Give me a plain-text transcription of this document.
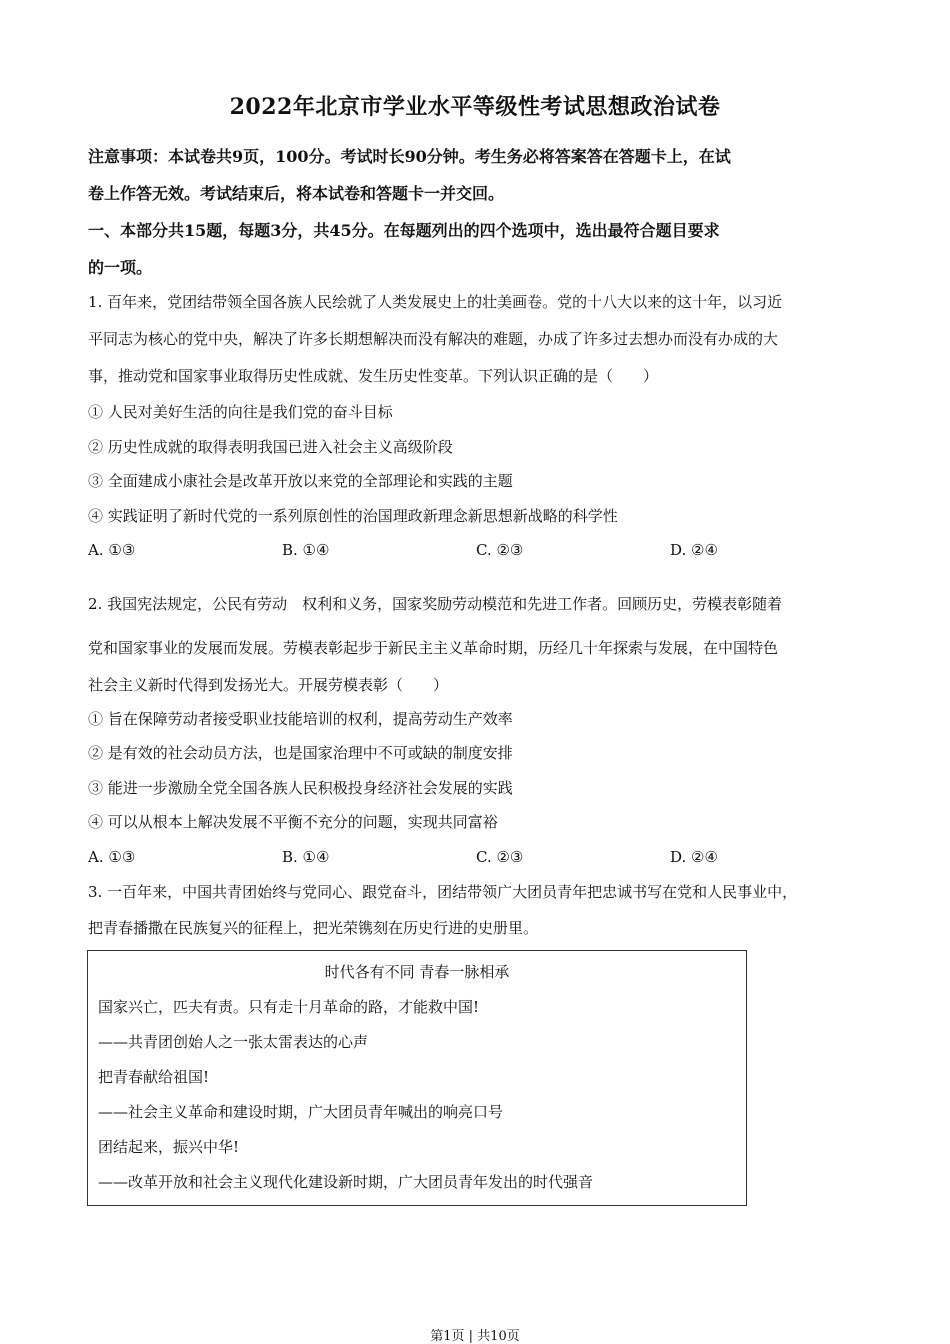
2022年北京市学业水平等级性考试思想政治试卷
注意事项：本试卷共9页，100分。考试时长90分钟。考生务必将答案答在答题卡上，在试
卷上作答无效。考试结束后，将本试卷和答题卡一并交回。
一、本部分共15题，每题3分，共45分。在每题列出的四个选项中，选出最符合题目要求
的一项。
1. 百年来，党团结带领全国各族人民绘就了人类发展史上的壮美画卷。党的十八大以来的这十年，以习近
平同志为核心的党中央，解决了许多长期想解决而没有解决的难题，办成了许多过去想办而没有办成的大
事，推动党和国家事业取得历史性成就、发生历史性变革。下列认识正确的是（　　）
① 人民对美好生活的向往是我们党的奋斗目标
② 历史性成就的取得表明我国已进入社会主义高级阶段
③ 全面建成小康社会是改革开放以来党的全部理论和实践的主题
④ 实践证明了新时代党的一系列原创性的治国理政新理念新思想新战略的科学性
A. ①③	B. ①④	C. ②③	D. ②④
2. 我国宪法规定，公民有劳动　权利和义务，国家奖励劳动模范和先进工作者。回顾历史，劳模表彰随着
党和国家事业的发展而发展。劳模表彰起步于新民主主义革命时期，历经几十年探索与发展，在中国特色
社会主义新时代得到发扬光大。开展劳模表彰（　　）
① 旨在保障劳动者接受职业技能培训的权利，提高劳动生产效率
② 是有效的社会动员方法，也是国家治理中不可或缺的制度安排
③ 能进一步激励全党全国各族人民积极投身经济社会发展的实践
④ 可以从根本上解决发展不平衡不充分的问题，实现共同富裕
A. ①③	B. ①④	C. ②③	D. ②④
3. 一百年来，中国共青团始终与党同心、跟党奋斗，团结带领广大团员青年把忠诚书写在党和人民事业中，
把青春播撒在民族复兴的征程上，把光荣镌刻在历史行进的史册里。
时代各有不同 青春一脉相承
国家兴亡，匹夫有责。只有走十月革命的路，才能救中国!
——共青团创始人之一张太雷表达的心声
把青春献给祖国!
——社会主义革命和建设时期，广大团员青年喊出的响亮口号
团结起来，振兴中华!
——改革开放和社会主义现代化建设新时期，广大团员青年发出的时代强音
第1页 | 共10页
